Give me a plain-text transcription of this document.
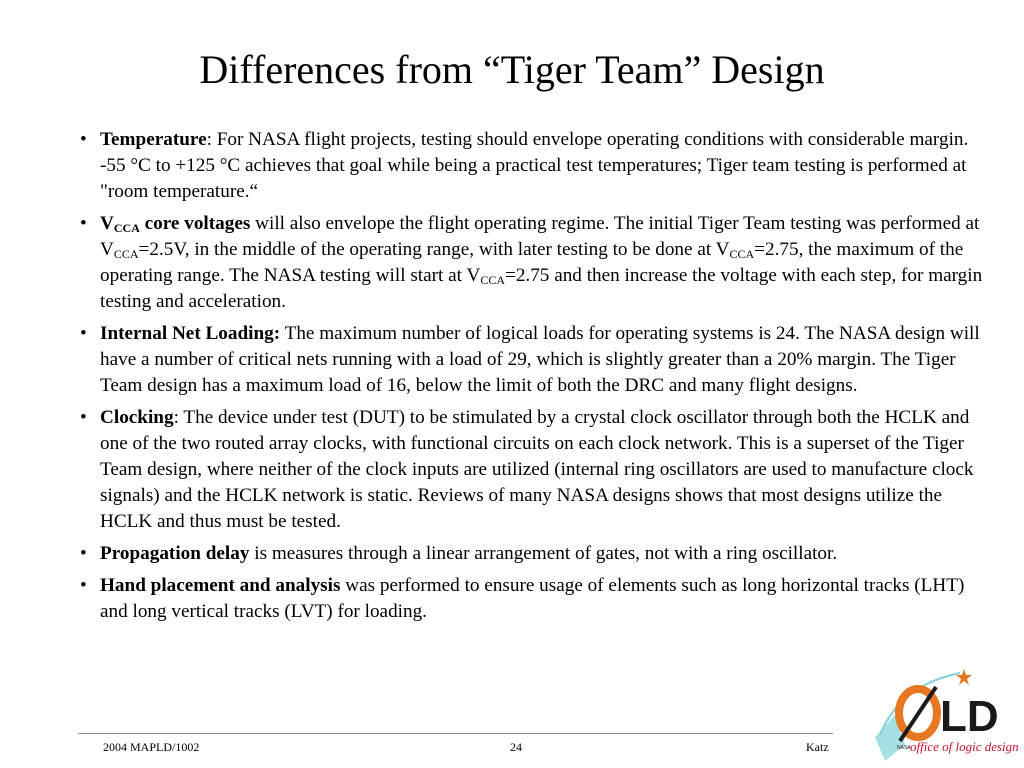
Differences from “Tiger Team” Design
• Temperature: For NASA flight projects, testing should envelope operating conditions with considerable margin. -55 °C to +125 °C achieves that goal while being a practical test temperatures; Tiger team testing is performed at "room temperature.“
• $V_{CCA}$ core voltages will also envelope the flight operating regime. The initial Tiger Team testing was performed at $V_{CCA}=2.5V$, in the middle of the operating range, with later testing to be done at $V_{CCA}=2.75$, the maximum of the operating range. The NASA testing will start at $V_{CCA}=2.75$ and then increase the voltage with each step, for margin testing and acceleration.
• Internal Net Loading: The maximum number of logical loads for operating systems is 24. The NASA design will have a number of critical nets running with a load of 29, which is slightly greater than a 20% margin. The Tiger Team design has a maximum load of 16, below the limit of both the DRC and many flight designs.
• Clocking: The device under test (DUT) to be stimulated by a crystal clock oscillator through both the HCLK and one of the two routed array clocks, with functional circuits on each clock network. This is a superset of the Tiger Team design, where neither of the clock inputs are utilized (internal ring oscillators are used to manufacture clock signals) and the HCLK network is static. Reviews of many NASA designs shows that most designs utilize the HCLK and thus must be tested.
• Propagation delay is measures through a linear arrangement of gates, not with a ring oscillator.
• Hand placement and analysis was performed to ensure usage of elements such as long horizontal tracks (LHT) and long vertical tracks (LVT) for loading.
2004 MAPLD/1002	24	Katz
LD
NASA office of logic design
